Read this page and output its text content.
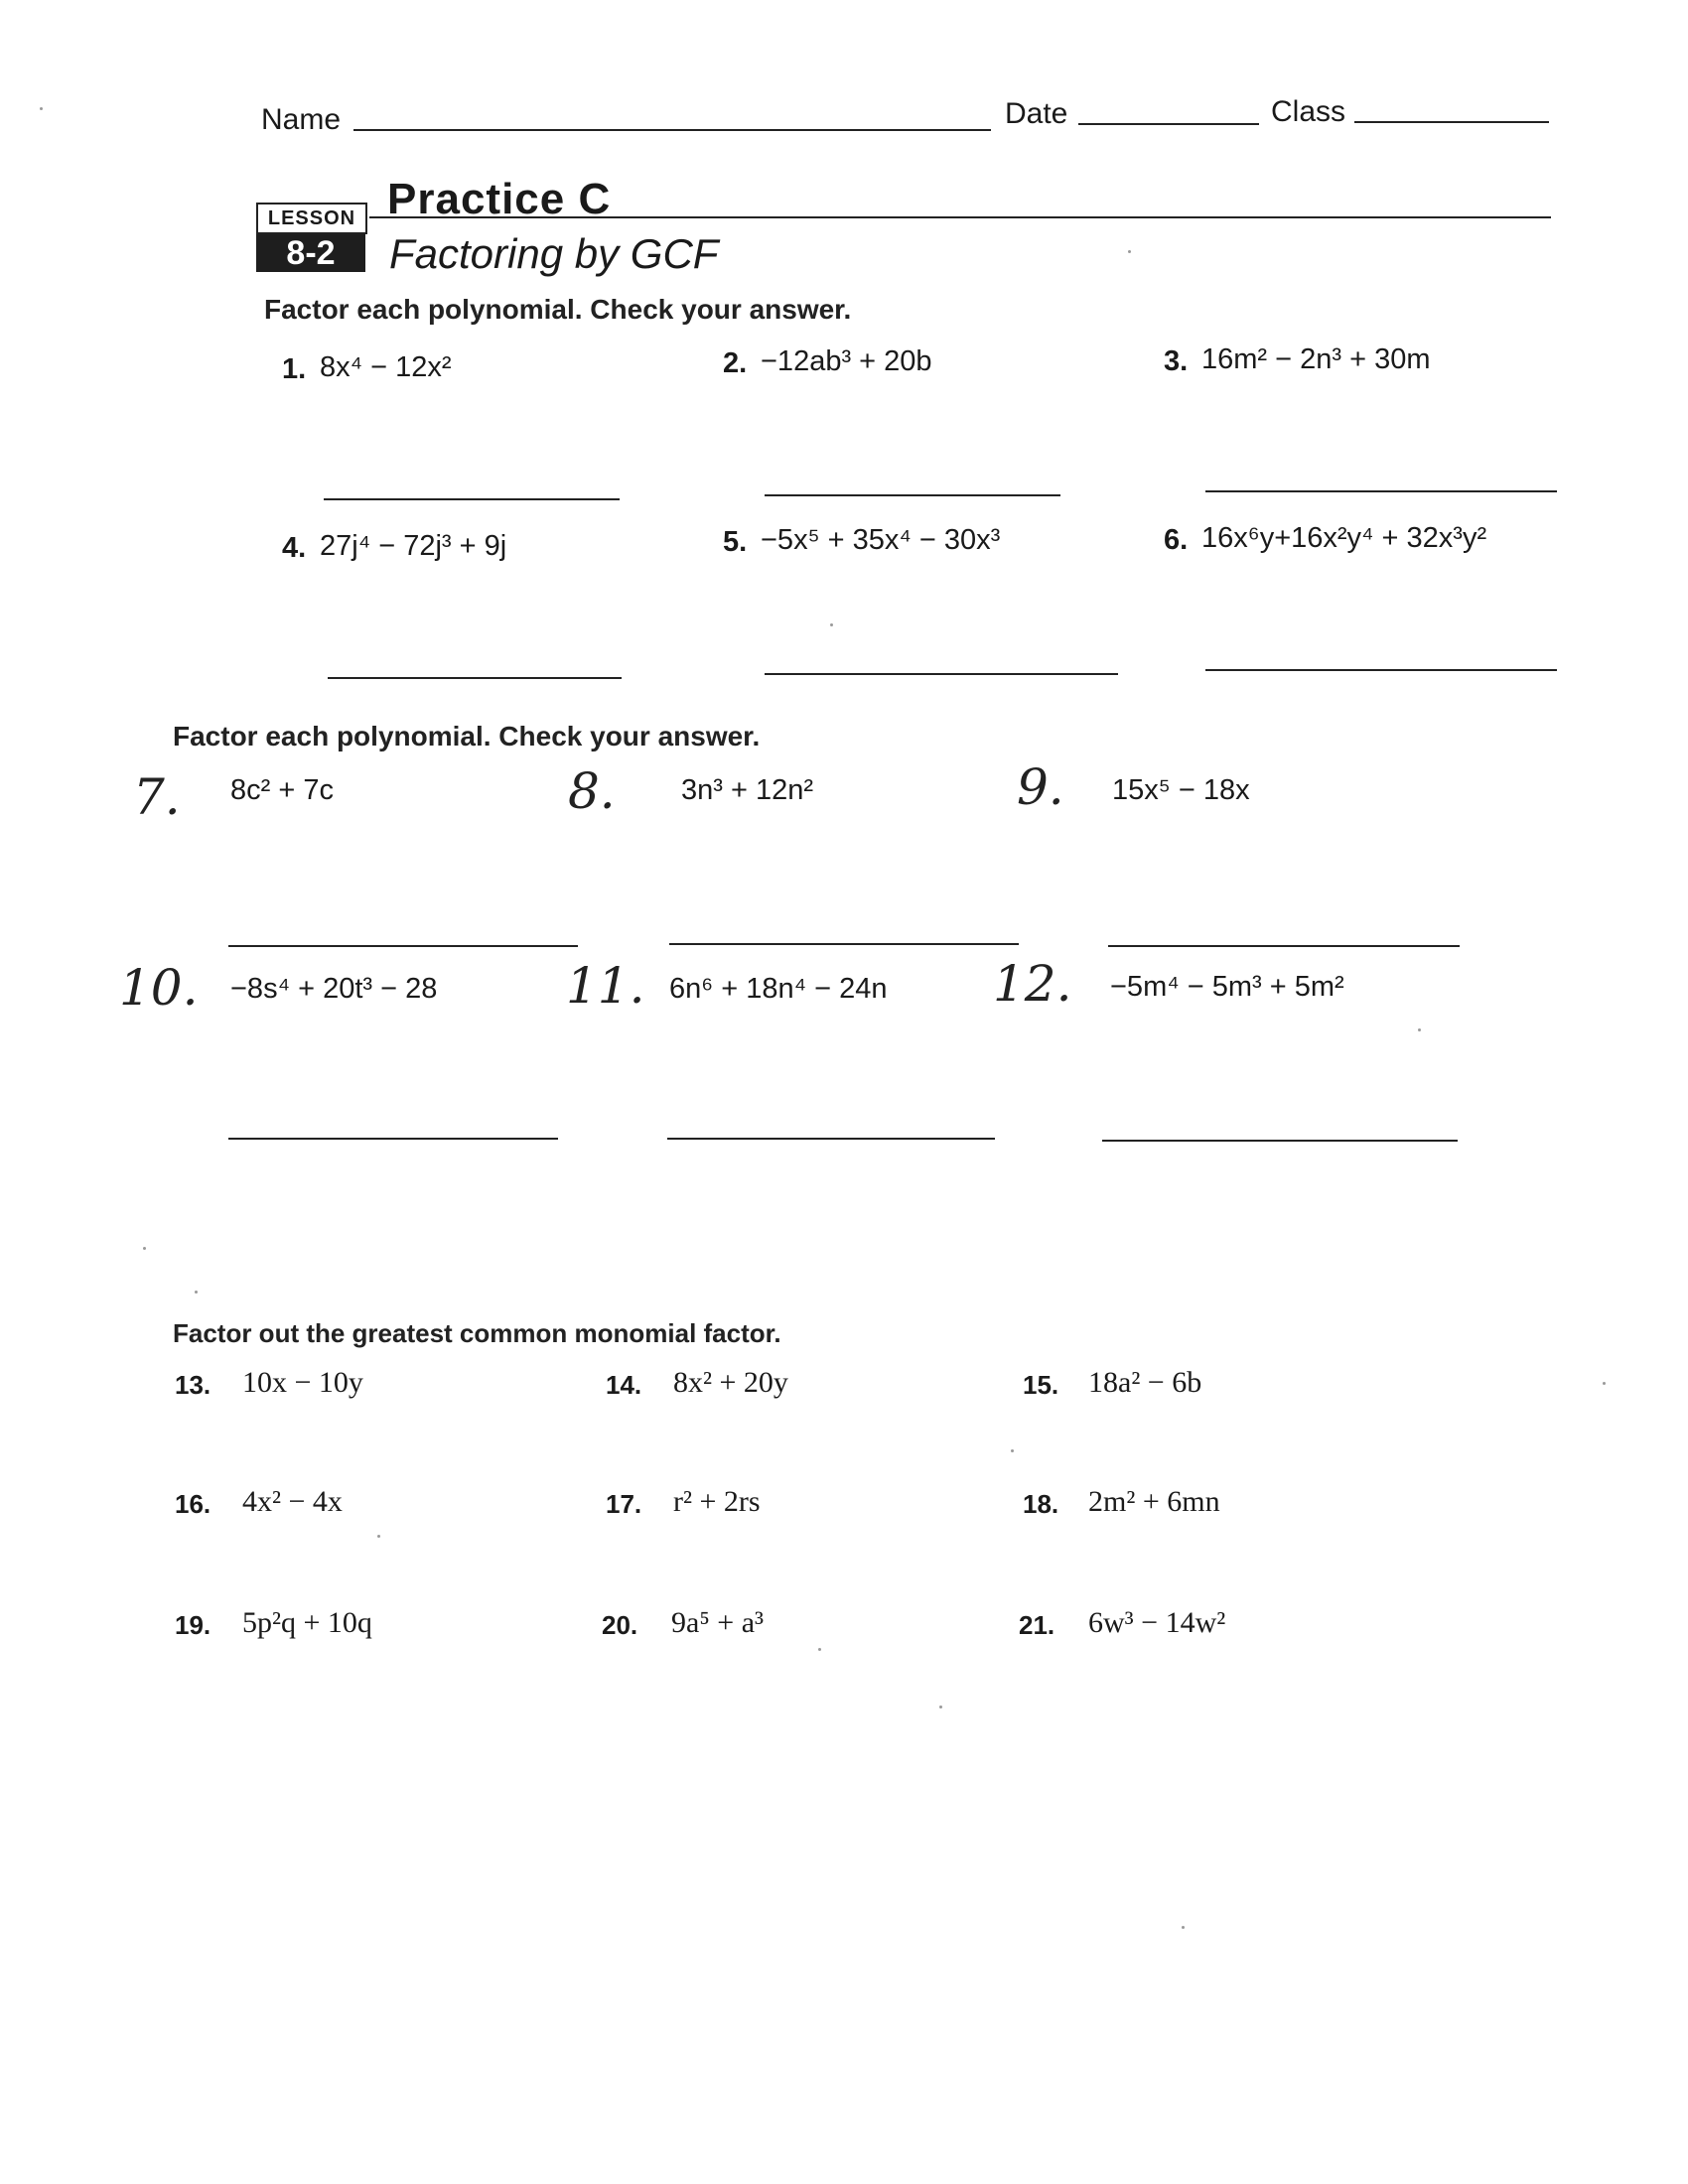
Name	Date	Class
LESSON
8-2
Practice C
Factoring by GCF
Factor each polynomial. Check your answer.
1. 8x⁴ − 12x²	2. −12ab³ + 20b	3. 16m² − 2n³ + 30m
4. 27j⁴ − 72j³ + 9j	5. −5x⁵ + 35x⁴ − 30x³	6. 16x⁶y+16x²y⁴ + 32x³y²
Factor each polynomial. Check your answer.
7. 8c² + 7c	8. 3n³ + 12n²	9. 15x⁵ − 18x
10. −8s⁴ + 20t³ − 28	11. 6n⁶ + 18n⁴ − 24n 12. −5m⁴ − 5m³ + 5m²
Factor out the greatest common monomial factor.
13. 10x − 10y	14. 8x² + 20y	15. 18a² − 6b
16. 4x² − 4x	17. r² + 2rs	18. 2m² + 6mn
19. 5p²q + 10q	20. 9a⁵ + a³	21. 6w³ − 14w²
